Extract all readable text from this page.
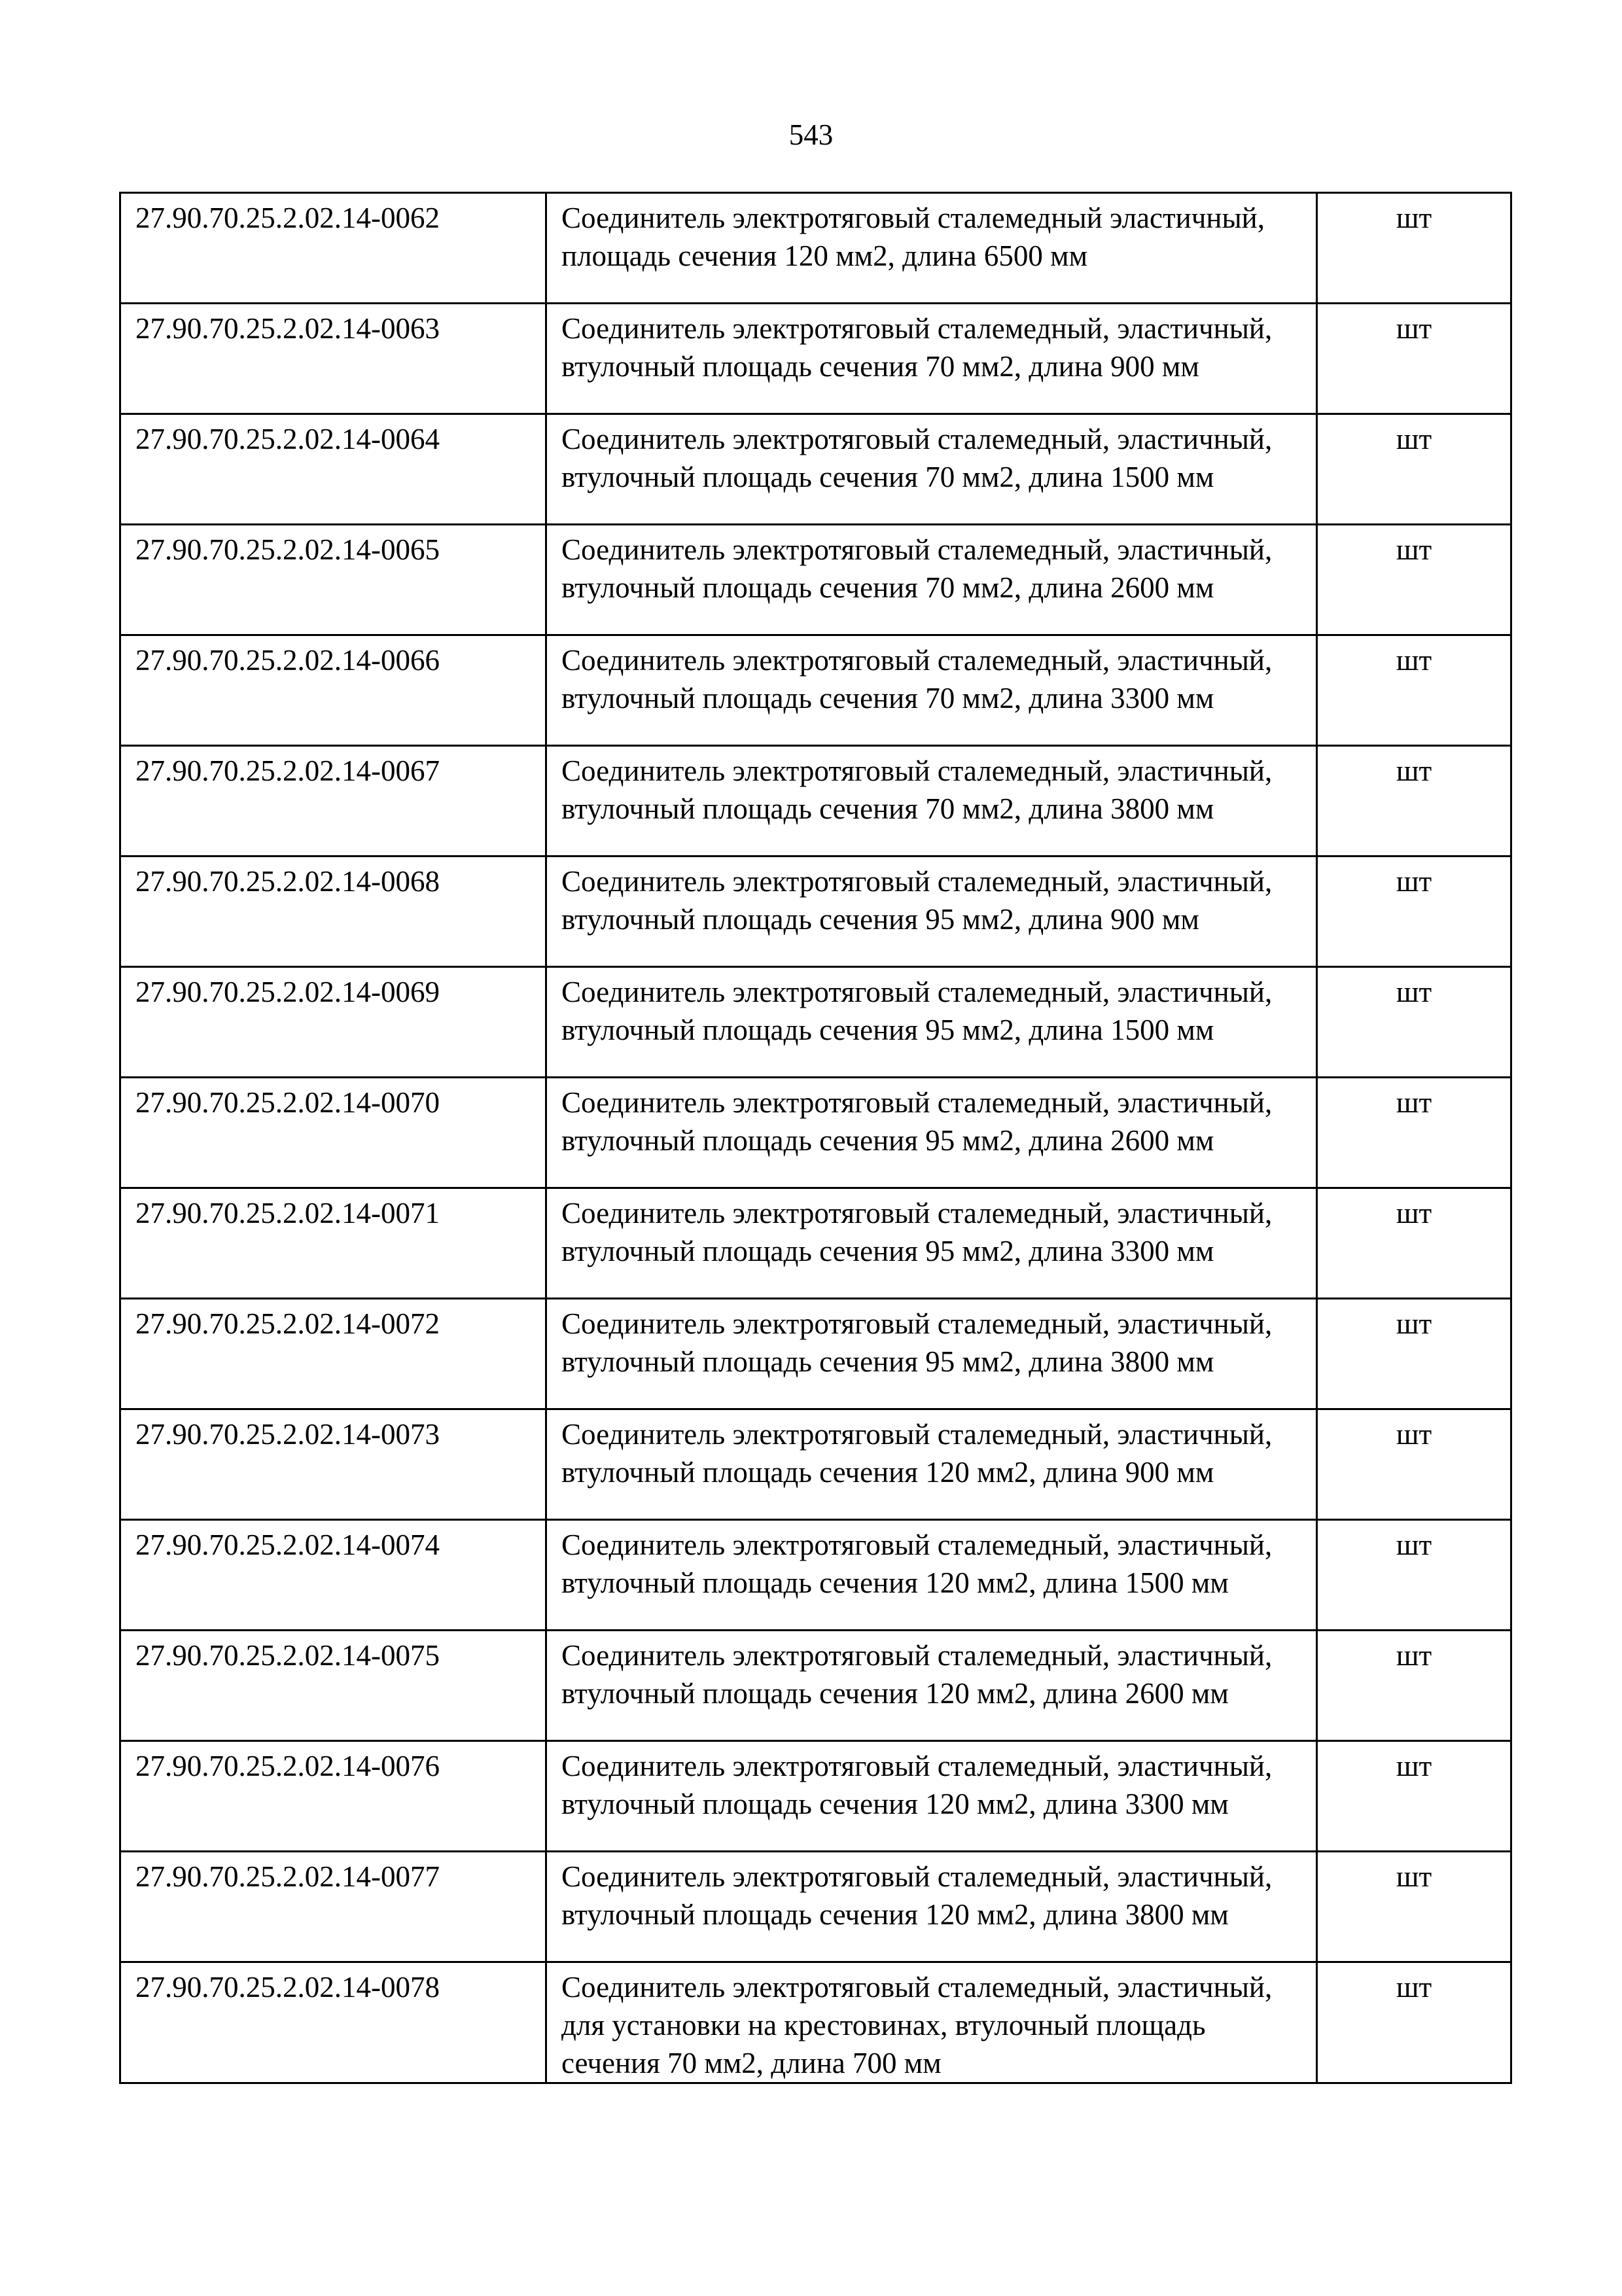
543
27.90.70.25.2.02.14-0062	Соединитель электротяговый сталемедный эластичный, площадь сечения 120 мм2, длина 6500 мм	шт
27.90.70.25.2.02.14-0063	Соединитель электротяговый сталемедный, эластичный, втулочный площадь сечения 70 мм2, длина 900 мм	шт
27.90.70.25.2.02.14-0064	Соединитель электротяговый сталемедный, эластичный, втулочный площадь сечения 70 мм2, длина 1500 мм	шт
27.90.70.25.2.02.14-0065	Соединитель электротяговый сталемедный, эластичный, втулочный площадь сечения 70 мм2, длина 2600 мм	шт
27.90.70.25.2.02.14-0066	Соединитель электротяговый сталемедный, эластичный, втулочный площадь сечения 70 мм2, длина 3300 мм	шт
27.90.70.25.2.02.14-0067	Соединитель электротяговый сталемедный, эластичный, втулочный площадь сечения 70 мм2, длина 3800 мм	шт
27.90.70.25.2.02.14-0068	Соединитель электротяговый сталемедный, эластичный, втулочный площадь сечения 95 мм2, длина 900 мм	шт
27.90.70.25.2.02.14-0069	Соединитель электротяговый сталемедный, эластичный, втулочный площадь сечения 95 мм2, длина 1500 мм	шт
27.90.70.25.2.02.14-0070	Соединитель электротяговый сталемедный, эластичный, втулочный площадь сечения 95 мм2, длина 2600 мм	шт
27.90.70.25.2.02.14-0071	Соединитель электротяговый сталемедный, эластичный, втулочный площадь сечения 95 мм2, длина 3300 мм	шт
27.90.70.25.2.02.14-0072	Соединитель электротяговый сталемедный, эластичный, втулочный площадь сечения 95 мм2, длина 3800 мм	шт
27.90.70.25.2.02.14-0073	Соединитель электротяговый сталемедный, эластичный, втулочный площадь сечения 120 мм2, длина 900 мм	шт
27.90.70.25.2.02.14-0074	Соединитель электротяговый сталемедный, эластичный, втулочный площадь сечения 120 мм2, длина 1500 мм	шт
27.90.70.25.2.02.14-0075	Соединитель электротяговый сталемедный, эластичный, втулочный площадь сечения 120 мм2, длина 2600 мм	шт
27.90.70.25.2.02.14-0076	Соединитель электротяговый сталемедный, эластичный, втулочный площадь сечения 120 мм2, длина 3300 мм	шт
27.90.70.25.2.02.14-0077	Соединитель электротяговый сталемедный, эластичный, втулочный площадь сечения 120 мм2, длина 3800 мм	шт
27.90.70.25.2.02.14-0078	Соединитель электротяговый сталемедный, эластичный, для установки на крестовинах, втулочный площадь сечения 70 мм2, длина 700 мм	шт
